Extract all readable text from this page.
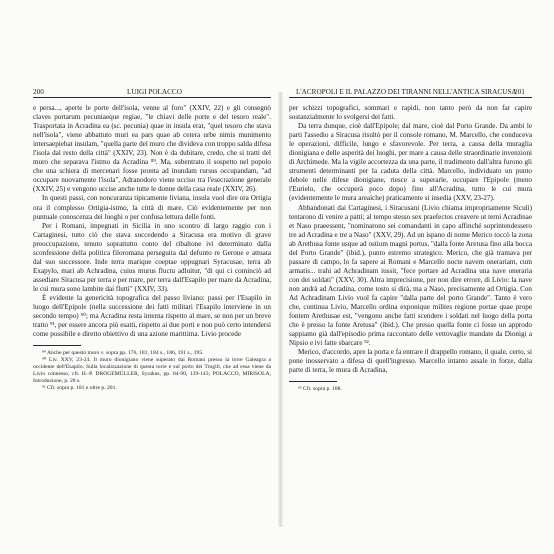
200	LUIGI POLACCO

e persa..., aperte le porte dell'isola, venne al foro" (XXIV, 22) e gli consegnò claves portarum pecuniaeque regiae, "le chiavi delle porte e del tesoro reale". Trasportata in Acradina ea (sc. pecunia) quae in insula erat, "quel tesoro che stava nell'isola", viene abbattuto muri ea pars quae ab cetera urbe nimis munimento intersaepiebat insulam, "quella parte del muro che divideva con troppo salda difesa l'isola dal resto della città" (XXIV, 23). Non è da dubitare, credo, che si tratti del muro che separava l'istmo da Acradina ⁸⁹. Ma, subentrato il sospetto nel popolo che una schiera di mercenari fosse pronta ad inundam rursus occupandam, "ad occupare nuovamente l'isola", Adranodoro viene ucciso tra l'esecrazione generale (XXIV, 25) e vengono uccise anche tutte le donne della casa reale (XXIV, 26).

In questi passi, con noncuranza tipicamente liviana, insula vuol dire ora Ortigia ora il complesso Ortigia-istmo, la città di mare. Ciò evidentemente per non puntuale conoscenza dei luoghi o per confusa lettura delle fonti.

Per i Romani, impegnati in Sicilia in uno scontro di largo raggio con i Cartaginesi, tutto ciò che stava succedendo a Siracusa era motivo di grave preoccupazione, tenuto soprattutto conto del ribaltone ivi determinato dalla sconfessione della politica filoromana perseguita dal defunto re Gerone e attuata dal suo successore. Inde terra marique coeptae oppugnari Syracusae, terra ab Exapylo, mari ab Achradina, cuius murus fluctu adluitur, "di qui ci cominciò ad assediare Siracusa per terra e per mare, per terra dall'Esapilo per mare da Acradina, le cui mura sono lambite dai flutti" (XXIV, 33).

È evidente la genericità topografica del passo liviano: passi per l'Esapilo in luogo dell'Epipole (nella successione dei fatti militari l'Esapilo interviene in un secondo tempo) ⁹⁰; ma Acradina resta interna rispetto al mare, se non per un breve tratto ⁹¹, per essere ancora più esatti, rispetto ai due porti e non può certo intendersi come possibile e diretto obiettivo di una azione marittima. Livio procede

⁸⁹ Anche per questo muro v. sopra pp. 176, 181, 184 s., 186, 191 s., 195.

⁹⁰ Liv. XXV, 23-24. Il muro dionigiano viene superato dai Romani presso la torre Galeagra a occidente dell'Esapilo. Sulla localizzazione di questa torre e sul porto dei Trogìli, che ad essa viene da Livio connesso, cfr. H.-P. DROGEMÜLLER, Syrakus, pp. 84-90, 139-143; POLACCO, MIRISOLA, Introduzione, p. 28 s.

⁹¹ Cfr. sopra p. 181 e oltre p. 201.

L'ACROPOLI E IL PALAZZO DEI TIRANNI NELL'ANTICA SIRACUSA
201

per schizzi topografici, sommari e rapidi, non tanto però da non far capire sostanzialmente lo svolgersi dei fatti.

Da terra dunque, cioè dall'Epipole; dal mare, cioè dal Porto Grande. Da ambi le parti l'assedio a Siracusa risultò per il console romano, M. Marcello, che conduceva le operazioni, difficile, lungo e sfavorevole. Per terra, a causa della muraglia dionigiana e delle asperità dei luoghi, per mare a causa delle straordinarie invenzioni di Archimede. Ma la vigile accortezza da una parte, il tradimento dall'altra furono gli strumenti determinanti per la caduta della città. Marcello, individuato un punto debole nelle difese dionigiane, riesce a superarle, occupare l'Epipole (meno l'Eurielo, che occuperà poco dopo) fino all'Acradina, tutto le cui mura (evidentemente le mura areaiche) praticamente si insedia (XXV, 23-27).

Abbandonati dai Cartaginesi, i Siracusani (Livio chiama impropriamente Siculi) tentarono di venire a patti; al tempo stesso sex praefectos creavere ut terni Acradinae et Naso praeessent, "nominarono sei comandanti in capo affinché soprintendessero tre ad Acradina e tre a Naso" (XXV, 29). Ad un ispano di nome Merico toccò la zona ab Arethusa fonte usque ad ostium magni portus, "dalla fonte Aretusa fino alla bocca del Porto Grande" (ibid.), punto estremo strategico. Merico, che già tramava per passare di campo, lo fa sapere ai Romani e Marcello nocte navem onerariam, cum armatis... trahi ad Achradinam iussit, "fece portare ad Acradina una nave oneraria con dei soldati" (XXV, 30). Altra imprecisione, per non dire errore, di Livio: la nave non andrà ad Acradina, come tosto si dirà, ma a Naso, precisamente ad Ortigia. Con Ad Achradinam Livio vuol fa capire "dalla parte del porto Grande". Tanto è vero che, continua Livio, Marcello ordina exponique milites regione portae quae prope fontem Arethusae est, "vengono anche fatti scendere i soldati nel luogo della porta che è presso la fonte Aretusa" (ibid.). Che presso quella fonte ci fosse un approdo sappiamo già dall'episodio prima raccontato delle vettovaglie mandate da Dionigi a Nipsio e ivi fatte sbarcare ⁹².

Merico, d'accordo, apre la porta e fa entrare il drappello romano, il quale, certo, si pone inosservato a difesa di quell'ingresso. Marcello intanto assale in forze, dalla parte di terra, le mura di Acradina,

⁹² Cfr. sopra p. 188.
